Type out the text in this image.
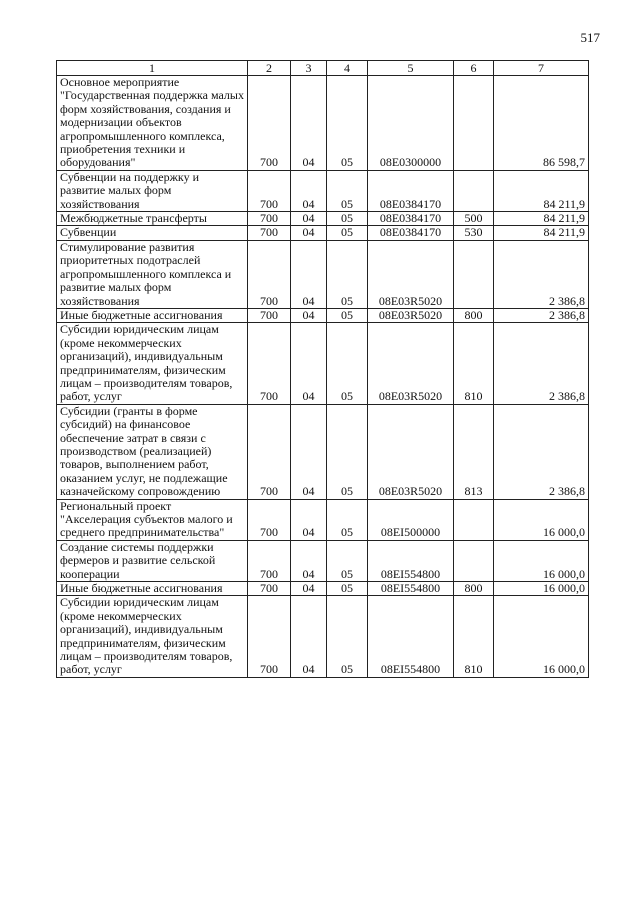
517
1	2	3	4	5	6	7
Основное мероприятие "Государственная поддержка малых форм хозяйствования, создания и модернизации объектов агропромышленного комплекса, приобретения техники и оборудования"	700	04	05	08Е0300000		86 598,7
Субвенции на поддержку и развитие малых форм хозяйствования	700	04	05	08Е0384170		84 211,9
Межбюджетные трансферты	700	04	05	08Е0384170	500	84 211,9
Субвенции	700	04	05	08Е0384170	530	84 211,9
Стимулирование развития приоритетных подотраслей агропромышленного комплекса и развитие малых форм хозяйствования	700	04	05	08Е03R5020		2 386,8
Иные бюджетные ассигнования	700	04	05	08Е03R5020	800	2 386,8
Субсидии юридическим лицам (кроме некоммерческих организаций), индивидуальным предпринимателям, физическим лицам – производителям товаров, работ, услуг	700	04	05	08Е03R5020	810	2 386,8
Субсидии (гранты в форме субсидий) на финансовое обеспечение затрат в связи с производством (реализацией) товаров, выполнением работ, оказанием услуг, не подлежащие казначейскому сопровождению	700	04	05	08Е03R5020	813	2 386,8
Региональный проект "Акселерация субъектов малого и среднего предпринимательства"	700	04	05	08ЕI500000		16 000,0
Создание системы поддержки фермеров и развитие сельской кооперации	700	04	05	08ЕI554800		16 000,0
Иные бюджетные ассигнования	700	04	05	08ЕI554800	800	16 000,0
Субсидии юридическим лицам (кроме некоммерческих организаций), индивидуальным предпринимателям, физическим лицам – производителям товаров, работ, услуг	700	04	05	08ЕI554800	810	16 000,0
